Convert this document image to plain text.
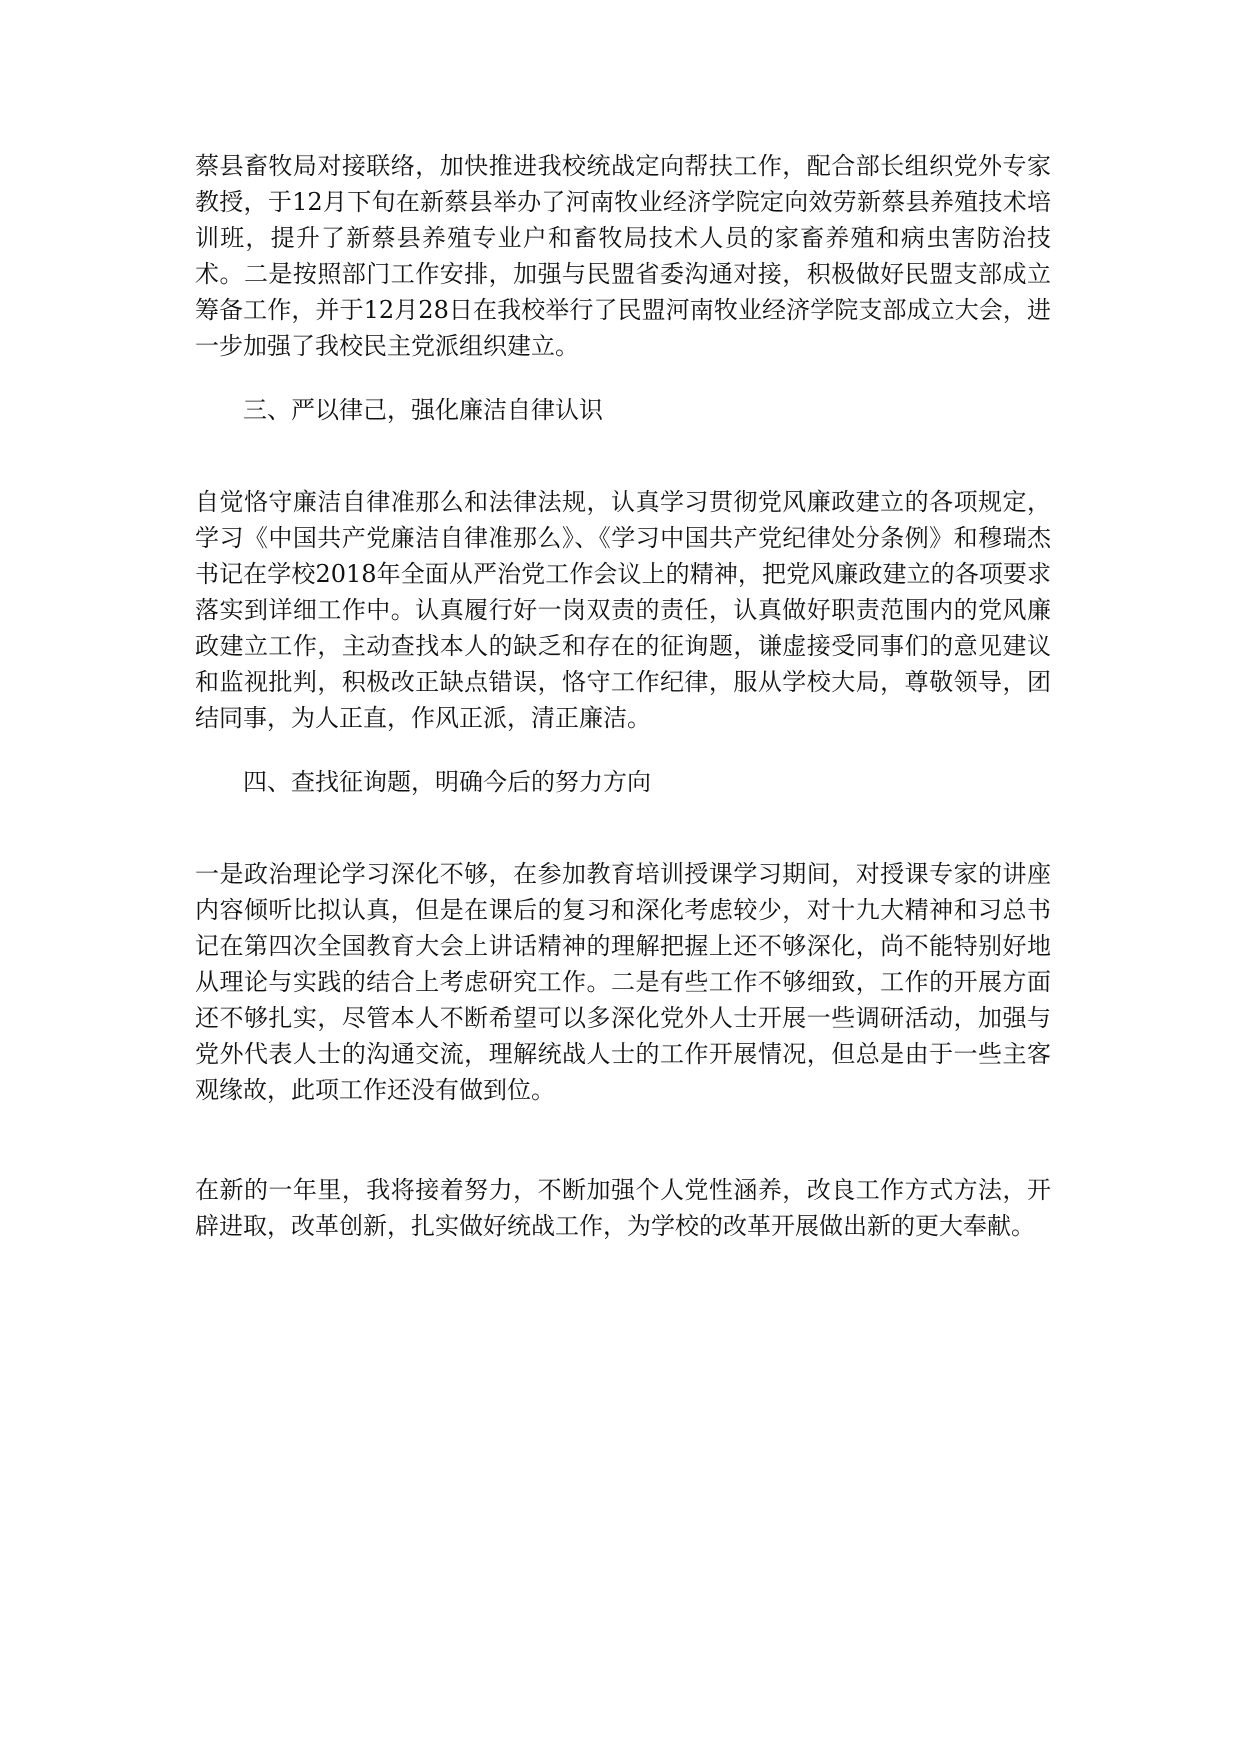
蔡县畜牧局对接联络，加快推进我校统战定向帮扶工作，配合部长组织党外专家教授，于12月下旬在新蔡县举办了河南牧业经济学院定向效劳新蔡县养殖技术培训班，提升了新蔡县养殖专业户和畜牧局技术人员的家畜养殖和病虫害防治技术。二是按照部门工作安排，加强与民盟省委沟通对接，积极做好民盟支部成立筹备工作，并于12月28日在我校举行了民盟河南牧业经济学院支部成立大会，进一步加强了我校民主党派组织建立。

三、严以律己，强化廉洁自律认识

自觉恪守廉洁自律准那么和法律法规，认真学习贯彻党风廉政建立的各项规定，学习《中国共产党廉洁自律准那么》、《学习中国共产党纪律处分条例》和穆瑞杰书记在学校2018年全面从严治党工作会议上的精神，把党风廉政建立的各项要求落实到详细工作中。认真履行好一岗双责的责任，认真做好职责范围内的党风廉政建立工作，主动查找本人的缺乏和存在的征询题，谦虚接受同事们的意见建议和监视批判，积极改正缺点错误，恪守工作纪律，服从学校大局，尊敬领导，团结同事，为人正直，作风正派，清正廉洁。

四、查找征询题，明确今后的努力方向

一是政治理论学习深化不够，在参加教育培训授课学习期间，对授课专家的讲座内容倾听比拟认真，但是在课后的复习和深化考虑较少，对十九大精神和习总书记在第四次全国教育大会上讲话精神的理解把握上还不够深化，尚不能特别好地从理论与实践的结合上考虑研究工作。二是有些工作不够细致，工作的开展方面还不够扎实，尽管本人不断希望可以多深化党外人士开展一些调研活动，加强与党外代表人士的沟通交流，理解统战人士的工作开展情况，但总是由于一些主客观缘故，此项工作还没有做到位。

在新的一年里，我将接着努力，不断加强个人党性涵养，改良工作方式方法，开辟进取，改革创新，扎实做好统战工作，为学校的改革开展做出新的更大奉献。
